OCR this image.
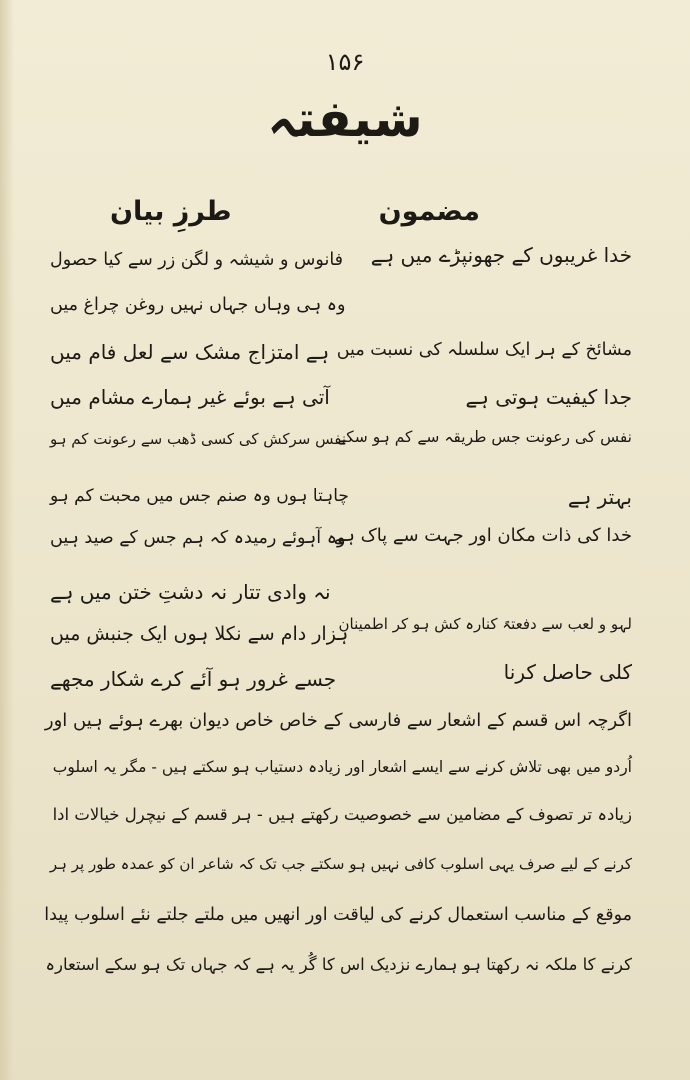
۱۵۶
شیفتہ
مضمون
طرزِ بیان
خدا غریبوں کے جھونپڑے میں ہے
مشائخ کے ہر ایک سلسلہ کی نسبت میں
جدا کیفیت ہوتی ہے
نفس کی رعونت جس طریقہ سے کم ہو سکے
بہتر ہے
خدا کی ذات مکان اور جہت سے پاک ہے
لہو و لعب سے دفعتہً کنارہ کش ہو کر اطمینان
کلی حاصل کرنا
فانوس و شیشہ و لگن زر سے کیا حصول
وہ ہی وہاں جہاں نہیں روغن چراغ میں
ہے امتزاج مشک سے لعل فام میں
آتی ہے بوئے غیر ہمارے مشام میں
نفس سرکش کی کسی ڈھب سے رعونت کم ہو
چاہتا ہوں وہ صنم جس میں محبت کم ہو
وہ آہوئے رمیدہ کہ ہم جس کے صید ہیں
نہ وادی تتار نہ دشتِ ختن میں ہے
ہزار دام سے نکلا ہوں ایک جنبش میں
جسے غرور ہو آئے کرے شکار مجھے
اگرچہ اس قسم کے اشعار سے فارسی کے خاص خاص دیوان بھرے ہوئے ہیں اور
اُردو میں بھی تلاش کرنے سے ایسے اشعار اور زیادہ دستیاب ہو سکتے ہیں - مگر یہ اسلوب
زیادہ تر تصوف کے مضامین سے خصوصیت رکھتے ہیں - ہر قسم کے نیچرل خیالات ادا
کرنے کے لیے صرف یہی اسلوب کافی نہیں ہو سکتے جب تک کہ شاعر ان کو عمدہ طور پر ہر
موقع کے مناسب استعمال کرنے کی لیاقت اور انھیں میں ملتے جلتے نئے اسلوب پیدا
کرنے کا ملکہ نہ رکھتا ہو ہمارے نزدیک اس کا گُر یہ ہے کہ جہاں تک ہو سکے استعارہ
